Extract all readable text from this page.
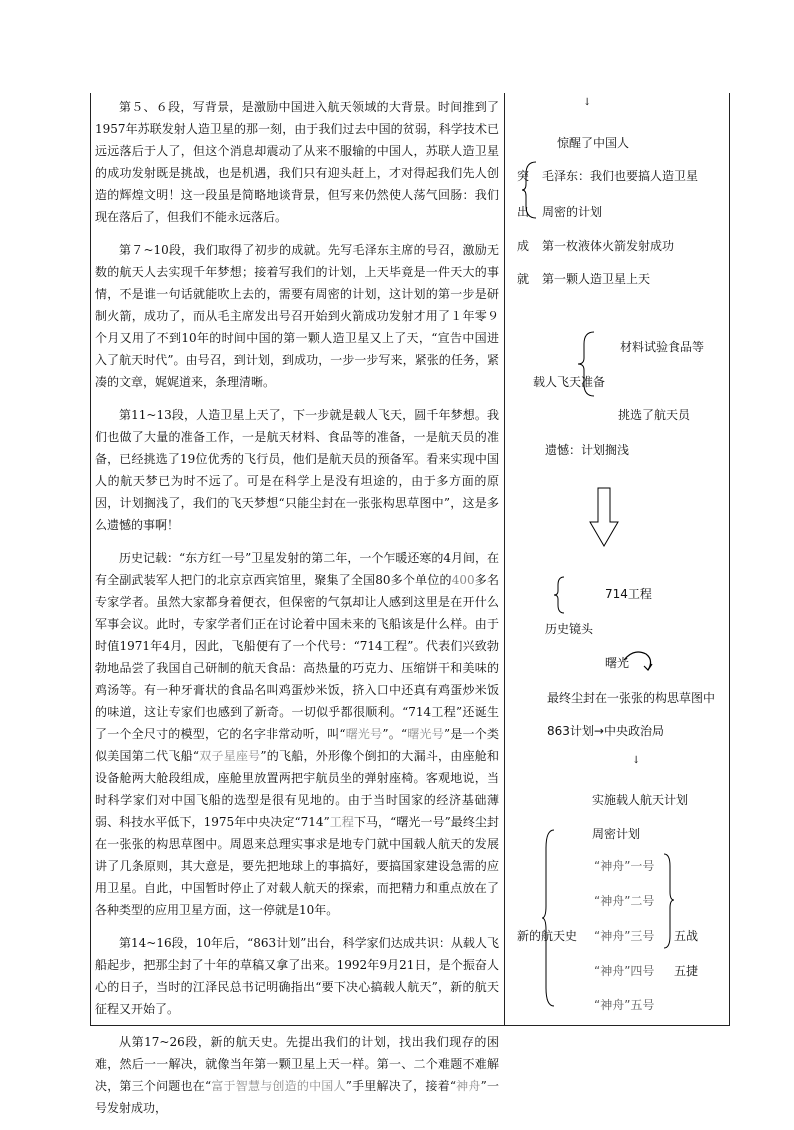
第５、６段，写背景，是激励中国进入航天领域的大背景。时间推到了1957年苏联发射人造卫星的那一刻，由于我们过去中国的贫弱，科学技术已远远落后于人了，但这个消息却震动了从来不服输的中国人，苏联人造卫星的成功发射既是挑战，也是机遇，我们只有迎头赶上，才对得起我们先人创造的辉煌文明！这一段虽是简略地谈背景，但写来仍然使人荡气回肠：我们现在落后了，但我们不能永远落后。

第７~10段，我们取得了初步的成就。先写毛泽东主席的号召，激励无数的航天人去实现千年梦想；接着写我们的计划，上天毕竟是一件天大的事情，不是谁一句话就能吹上去的，需要有周密的计划，这计划的第一步是研制火箭，成功了，而从毛主席发出号召开始到火箭成功发射才用了１年零９个月又用了不到10年的时间中国的第一颗人造卫星又上了天，“宣告中国进入了航天时代”。由号召，到计划，到成功，一步一步写来，紧张的任务，紧凑的文章，娓娓道来，条理清晰。

第11~13段，人造卫星上天了，下一步就是载人飞天，圆千年梦想。我们也做了大量的准备工作，一是航天材料、食品等的准备，一是航天员的准备，已经挑选了19位优秀的飞行员，他们是航天员的预备军。看来实现中国人的航天梦已为时不远了。可是在科学上是没有坦途的，由于多方面的原因，计划搁浅了，我们的飞天梦想“只能尘封在一张张构思草图中”，这是多么遗憾的事啊！

历史记载：“东方红一号”卫星发射的第二年，一个乍暖还寒的4月间，在有全副武装军人把门的北京京西宾馆里，聚集了全国80多个单位的400多名专家学者。虽然大家都身着便衣，但保密的气氛却让人感到这里是在开什么军事会议。此时，专家学者们正在讨论着中国未来的飞船该是什么样。由于时值1971年4月，因此，飞船便有了一个代号：“714工程”。代表们兴致勃勃地品尝了我国自己研制的航天食品：高热量的巧克力、压缩饼干和美味的鸡汤等。有一种牙膏状的食品名叫鸡蛋炒米饭，挤入口中还真有鸡蛋炒米饭的味道，这让专家们也感到了新奇。一切似乎都很顺利。“714工程”还诞生了一个全尺寸的模型，它的名字非常动听，叫“曙光号”。“曙光号”是一个类似美国第二代飞船“双子星座号”的飞船，外形像个倒扣的大漏斗，由座舱和设备舱两大舱段组成，座舱里放置两把宇航员坐的弹射座椅。客观地说，当时科学家们对中国飞船的选型是很有见地的。由于当时国家的经济基础薄弱、科技水平低下，1975年中央决定“714”工程下马，“曙光一号”最终尘封在一张张的构思草图中。周恩来总理实事求是地专门就中国载人航天的发展讲了几条原则，其大意是，要先把地球上的事搞好，要搞国家建设急需的应用卫星。自此，中国暂时停止了对载人航天的探索，而把精力和重点放在了各种类型的应用卫星方面，这一停就是10年。

第14~16段，10年后，“863计划”出台，科学家们达成共识：从载人飞船起步，把那尘封了十年的草稿又拿了出来。1992年9月21日，是个振奋人心的日子，当时的江泽民总书记明确指出“要下决心搞载人航天”，新的航天征程又开始了。

从第17~26段，新的航天史。先提出我们的计划，找出我们现存的困难，然后一一解决，就像当年第一颗卫星上天一样。第一、二个难题不难解决，第三个问题也在“富于智慧与创造的中国人”手里解决了，接着“神舟”一号发射成功，

↓
惊醒了中国人
突
出
成
就
毛泽东：我们也要搞人造卫星
周密的计划
第一枚液体火箭发射成功
第一颗人造卫星上天
材料试验食品等
载人飞天准备
挑选了航天员
遗憾：计划搁浅
714工程
历史镜头
曙光
最终尘封在一张张的构思草图中
863计划→中央政治局
↓
实施载人航天计划
周密计划
新的航天史
“神舟”一号
“神舟”二号
“神舟”三号
“神舟”四号
“神舟”五号
五战
五捷
